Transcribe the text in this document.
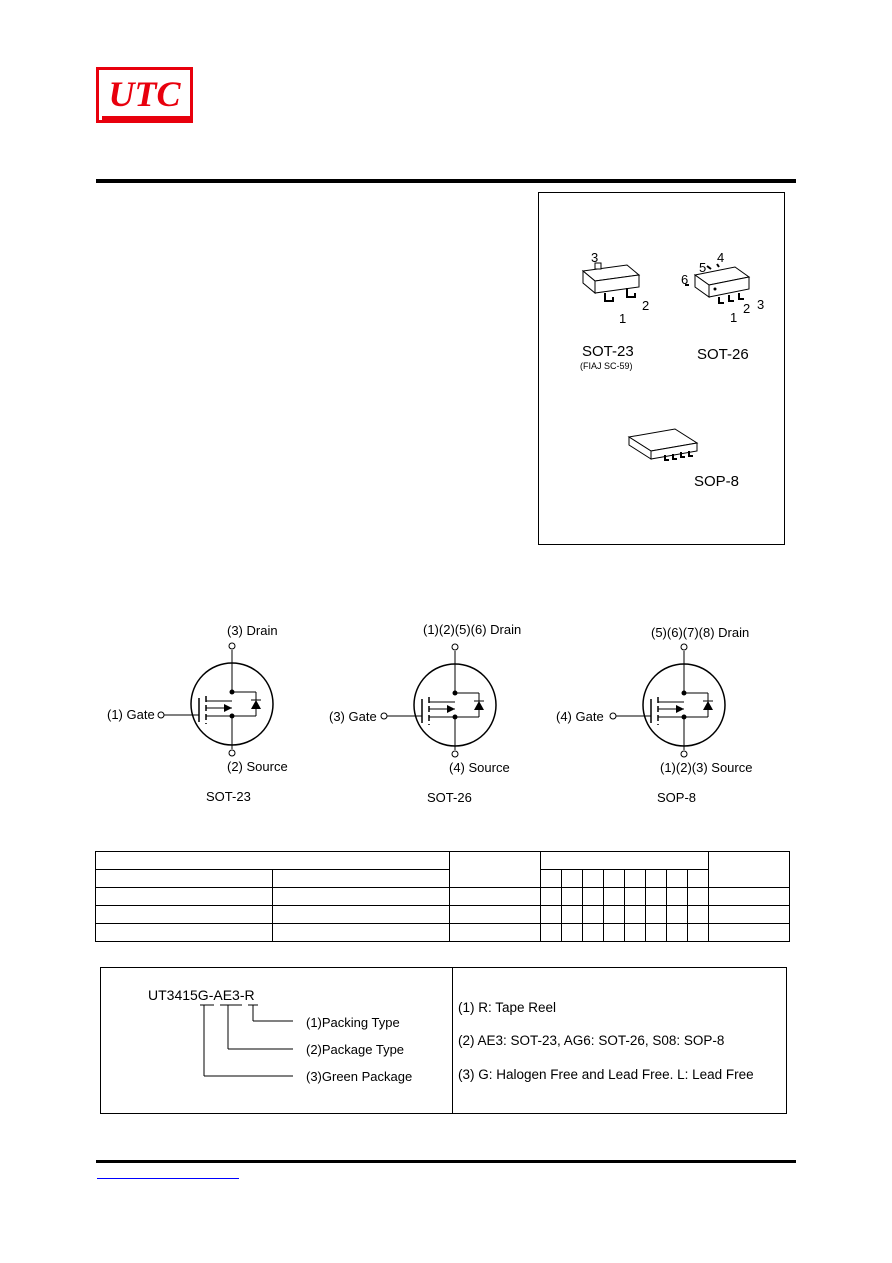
UTC
3
2
1
SOT-23
(FIAJ SC-59)
6
5
4
1
2 3
SOT-26
SOP-8
(3) Drain
(1) Gate
(2) Source
SOT-23
(1)(2)(5)(6) Drain
(3) Gate
(4) Source
SOT-26
(5)(6)(7)(8) Drain
(4) Gate
(1)(2)(3) Source
SOP-8

UT3415G-AE3-R
(1)Packing Type
(2)Package Type
(3)Green Package
(1) R: Tape Reel
(2) AE3: SOT-23, AG6: SOT-26, S08: SOP-8
(3) G: Halogen Free and Lead Free. L: Lead Free
